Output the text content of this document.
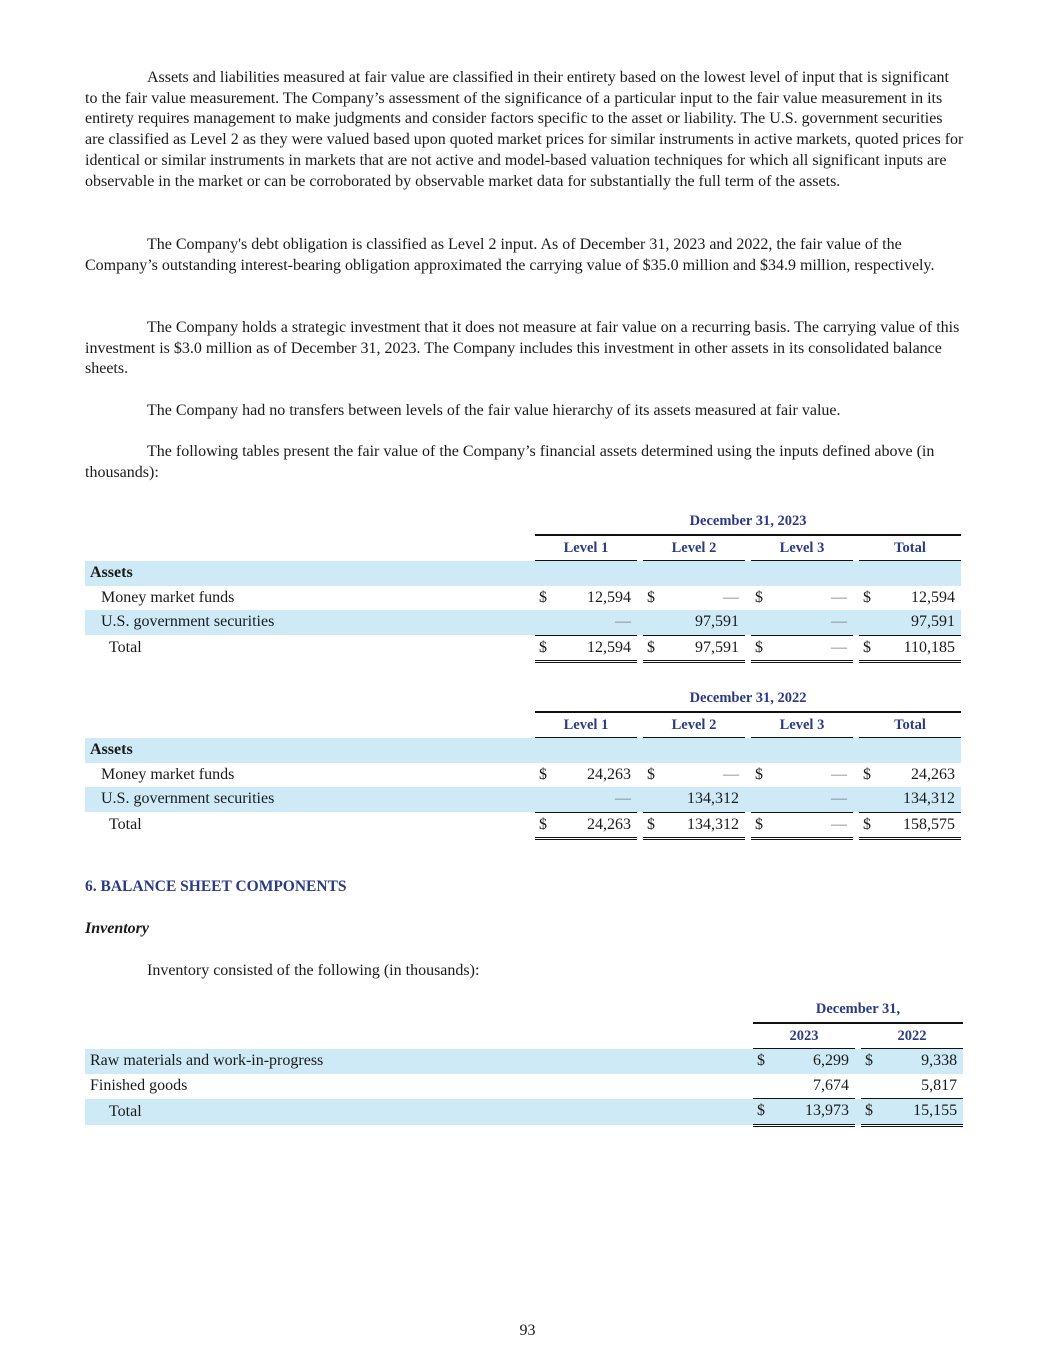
Assets and liabilities measured at fair value are classified in their entirety based on the lowest level of input that is significant to the fair value measurement. The Company’s assessment of the significance of a particular input to the fair value measurement in its entirety requires management to make judgments and consider factors specific to the asset or liability. The U.S. government securities are classified as Level 2 as they were valued based upon quoted market prices for similar instruments in active markets, quoted prices for identical or similar instruments in markets that are not active and model-based valuation techniques for which all significant inputs are observable in the market or can be corroborated by observable market data for substantially the full term of the assets.

The Company's debt obligation is classified as Level 2 input. As of December 31, 2023 and 2022, the fair value of the Company’s outstanding interest-bearing obligation approximated the carrying value of $35.0 million and $34.9 million, respectively.

The Company holds a strategic investment that it does not measure at fair value on a recurring basis. The carrying value of this investment is $3.0 million as of December 31, 2023. The Company includes this investment in other assets in its consolidated balance sheets.

The Company had no transfers between levels of the fair value hierarchy of its assets measured at fair value.

The following tables present the fair value of the Company’s financial assets determined using the inputs defined above (in thousands):

	December 31, 2023										
	Level 1			Level 2			Level 3			Total	
Assets											
Money market funds	$	12,594		$	—		$	—		$	12,594
U.S. government securities		—			97,591			—			97,591
Total	$	12,594		$	97,591		$	—		$	110,185
	December 31, 2022										
	Level 1			Level 2			Level 3			Total	
Assets											
Money market funds	$	24,263		$	—		$	—		$	24,263
U.S. government securities		—			134,312			—			134,312
Total	$	24,263		$	134,312		$	—		$	158,575
6. BALANCE SHEET COMPONENTS
Inventory

Inventory consisted of the following (in thousands):

	December 31,				
	2023			2022	
Raw materials and work-in-progress	$	6,299		$	9,338
Finished goods		7,674			5,817
Total	$	13,973		$	15,155
93
